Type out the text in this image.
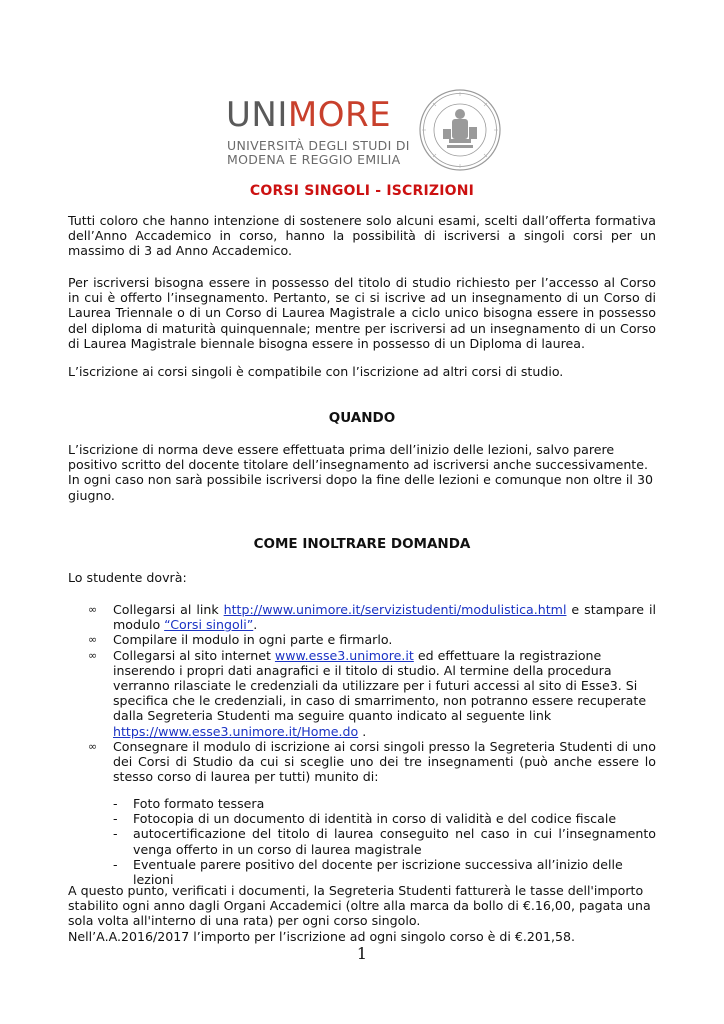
UNIMORE
UNIVERSITÀ DEGLI STUDI DI
MODENA E REGGIO EMILIA
CORSI SINGOLI - ISCRIZIONI
Tutti coloro che hanno intenzione di sostenere solo alcuni esami, scelti dall’offerta formativa dell’Anno Accademico in corso, hanno la possibilità di iscriversi a singoli corsi per un massimo di 3 ad Anno Accademico.
Per iscriversi bisogna essere in possesso del titolo di studio richiesto per l’accesso al Corso in cui è offerto l’insegnamento. Pertanto, se ci si iscrive ad un insegnamento di un Corso di Laurea Triennale o di un Corso di Laurea Magistrale a ciclo unico bisogna essere in possesso del diploma di maturità quinquennale; mentre per iscriversi ad un insegnamento di un Corso di Laurea Magistrale biennale bisogna essere in possesso di un Diploma di laurea.
L’iscrizione ai corsi singoli è compatibile con l’iscrizione ad altri corsi di studio.
QUANDO
L’iscrizione di norma deve essere effettuata prima dell’inizio delle lezioni, salvo parere positivo scritto del docente titolare dell’insegnamento ad iscriversi anche successivamente. In ogni caso non sarà possibile iscriversi dopo la fine delle lezioni e comunque non oltre il 30 giugno.
COME INOLTRARE DOMANDA
Lo studente dovrà:
∞ Collegarsi al link http://www.unimore.it/servizistudenti/modulistica.html e stampare il modulo “Corsi singoli”.
∞ Compilare il modulo in ogni parte e firmarlo.
∞ Collegarsi al sito internet www.esse3.unimore.it ed effettuare la registrazione inserendo i propri dati anagrafici e il titolo di studio. Al termine della procedura verranno rilasciate le credenziali da utilizzare per i futuri accessi al sito di Esse3. Si specifica che le credenziali, in caso di smarrimento, non potranno essere recuperate dalla Segreteria Studenti ma seguire quanto indicato al seguente link https://www.esse3.unimore.it/Home.do .
∞ Consegnare il modulo di iscrizione ai corsi singoli presso la Segreteria Studenti di uno dei Corsi di Studio da cui si sceglie uno dei tre insegnamenti (può anche essere lo stesso corso di laurea per tutti) munito di:
- Foto formato tessera
- Fotocopia di un documento di identità in corso di validità e del codice fiscale
- autocertificazione del titolo di laurea conseguito nel caso in cui l’insegnamento venga offerto in un corso di laurea magistrale
- Eventuale parere positivo del docente per iscrizione successiva all’inizio delle lezioni
A questo punto, verificati i documenti, la Segreteria Studenti fatturerà le tasse dell'importo stabilito ogni anno dagli Organi Accademici (oltre alla marca da bollo di €.16,00, pagata una sola volta all'interno di una rata) per ogni corso singolo.
Nell’A.A.2016/2017 l’importo per l’iscrizione ad ogni singolo corso è di €.201,58.
1
